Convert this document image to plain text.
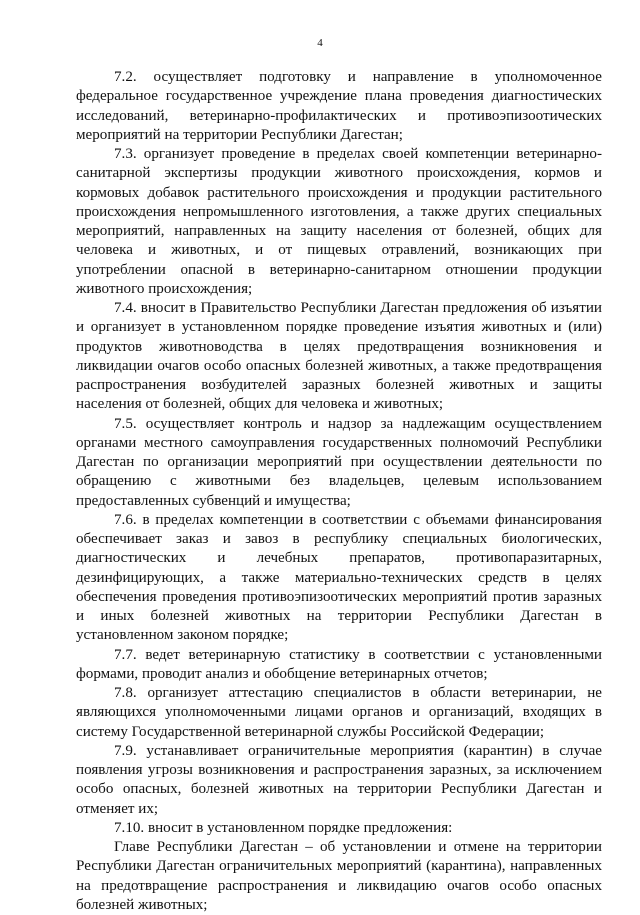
4

7.2. осуществляет подготовку и направление в уполномоченное федеральное государственное учреждение плана проведения диагностических исследований, ветеринарно-профилактических и противоэпизоотических мероприятий на территории Республики Дагестан;

7.3. организует проведение в пределах своей компетенции ветеринарно-санитарной экспертизы продукции животного происхождения, кормов и кормовых добавок растительного происхождения и продукции растительного происхождения непромышленного изготовления, а также других специальных мероприятий, направленных на защиту населения от болезней, общих для человека и животных, и от пищевых отравлений, возникающих при употреблении опасной в ветеринарно-санитарном отношении продукции животного происхождения;

7.4. вносит в Правительство Республики Дагестан предложения об изъятии и организует в установленном порядке проведение изъятия животных и (или) продуктов животноводства в целях предотвращения возникновения и ликвидации очагов особо опасных болезней животных, а также предотвращения распространения возбудителей заразных болезней животных и защиты населения от болезней, общих для человека и животных;

7.5. осуществляет контроль и надзор за надлежащим осуществлением органами местного самоуправления государственных полномочий Республики Дагестан по организации мероприятий при осуществлении деятельности по обращению с животными без владельцев, целевым использованием предоставленных субвенций и имущества;

7.6. в пределах компетенции в соответствии с объемами финансирования обеспечивает заказ и завоз в республику специальных биологических, диагностических и лечебных препаратов, противопаразитарных, дезинфицирующих, а также материально-технических средств в целях обеспечения проведения противоэпизоотических мероприятий против заразных и иных болезней животных на территории Республики Дагестан в установленном законом порядке;

7.7. ведет ветеринарную статистику в соответствии с установленными формами, проводит анализ и обобщение ветеринарных отчетов;

7.8. организует аттестацию специалистов в области ветеринарии, не являющихся уполномоченными лицами органов и организаций, входящих в систему Государственной ветеринарной службы Российской Федерации;

7.9. устанавливает ограничительные мероприятия (карантин) в случае появления угрозы возникновения и распространения заразных, за исключением особо опасных, болезней животных на территории Республики Дагестан и отменяет их;

7.10. вносит в установленном порядке предложения:

Главе Республики Дагестан – об установлении и отмене на территории Республики Дагестан ограничительных мероприятий (карантина), направленных на предотвращение распространения и ликвидацию очагов особо опасных болезней животных;
